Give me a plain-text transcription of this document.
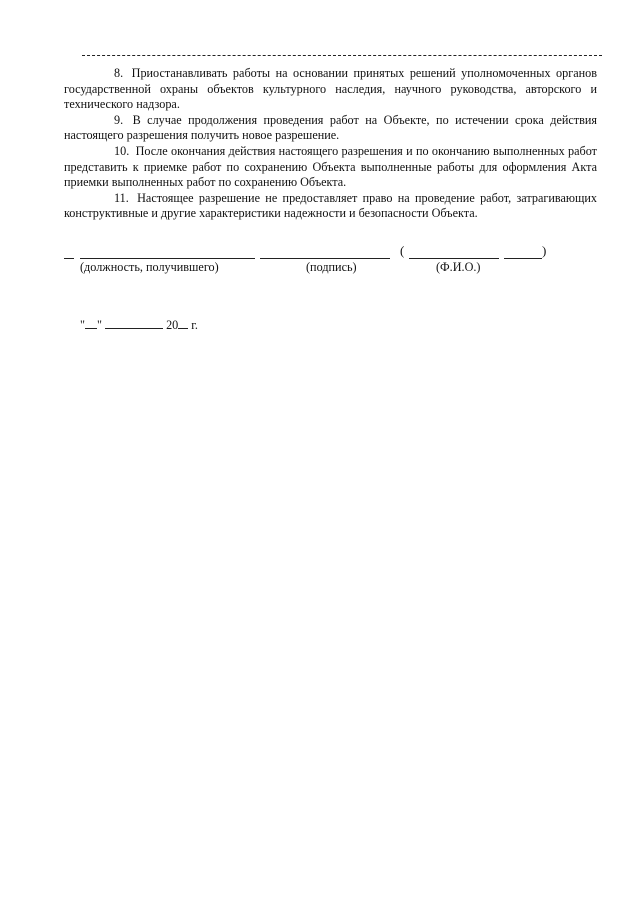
8. Приостанавливать работы на основании принятых решений уполномоченных органов государственной охраны объектов культурного наследия, научного руководства, авторского и технического надзора.

9. В случае продолжения проведения работ на Объекте, по истечении срока действия настоящего разрешения получить новое разрешение.

10. После окончания действия настоящего разрешения и по окончанию выполненных работ представить к приемке работ по сохранению Объекта выполненные работы для оформления Акта приемки выполненных работ по сохранению Объекта.

11. Настоящее разрешение не предоставляет право на проведение работ, затрагивающих конструктивные и другие характеристики надежности и безопасности Объекта.

(	)
(должность, получившего)	(подпись)	(Ф.И.О.)
" "	20 г.
